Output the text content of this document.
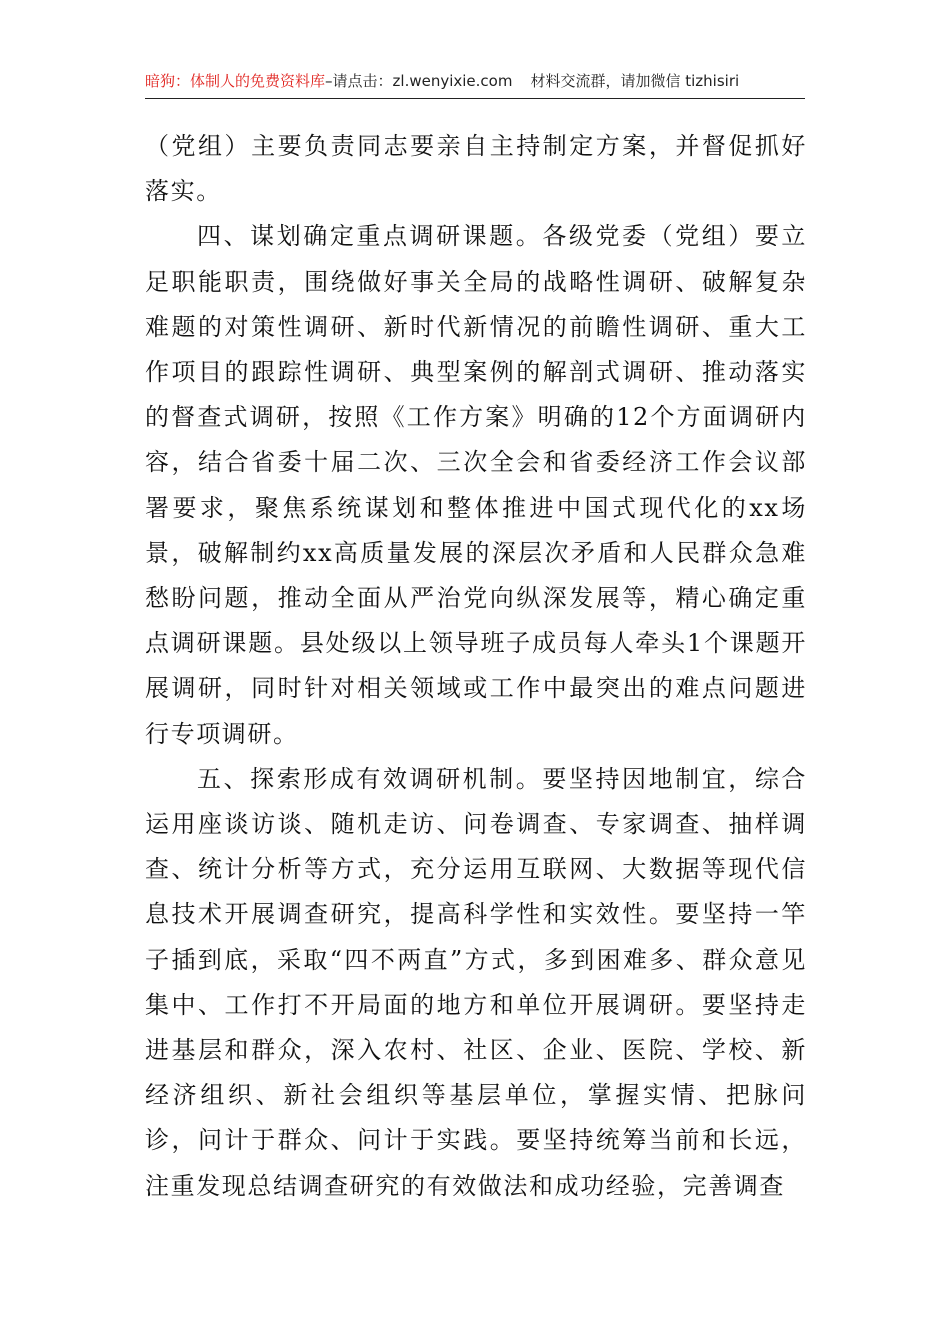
暗狗：体制人的免费资料库 –请点击： zl.wenyixie.com 材料交流群，请加微信 tizhisiri

（党组）主要负责同志要亲自主持制定方案，并督促抓好落实。

四、谋划确定重点调研课题。各级党委（党组）要立足职能职责，围绕做好事关全局的战略性调研、破解复杂难题的对策性调研、新时代新情况的前瞻性调研、重大工作项目的跟踪性调研、典型案例的解剖式调研、推动落实的督查式调研，按照《工作方案》明确的12个方面调研内容，结合省委十届二次、三次全会和省委经济工作会议部署要求，聚焦系统谋划和整体推进中国式现代化的xx场景，破解制约xx高质量发展的深层次矛盾和人民群众急难愁盼问题，推动全面从严治党向纵深发展等，精心确定重点调研课题。县处级以上领导班子成员每人牵头1个课题开展调研，同时针对相关领域或工作中最突出的难点问题进行专项调研。

五、探索形成有效调研机制。要坚持因地制宜，综合运用座谈访谈、随机走访、问卷调查、专家调查、抽样调查、统计分析等方式，充分运用互联网、大数据等现代信息技术开展调查研究，提高科学性和实效性。要坚持一竿子插到底，采取“四不两直”方式，多到困难多、群众意见集中、工作打不开局面的地方和单位开展调研。要坚持走进基层和群众，深入农村、社区、企业、医院、学校、新经济组织、新社会组织等基层单位，掌握实情、把脉问诊，问计于群众、问计于实践。要坚持统筹当前和长远，注重发现总结调查研究的有效做法和成功经验，完善调查
